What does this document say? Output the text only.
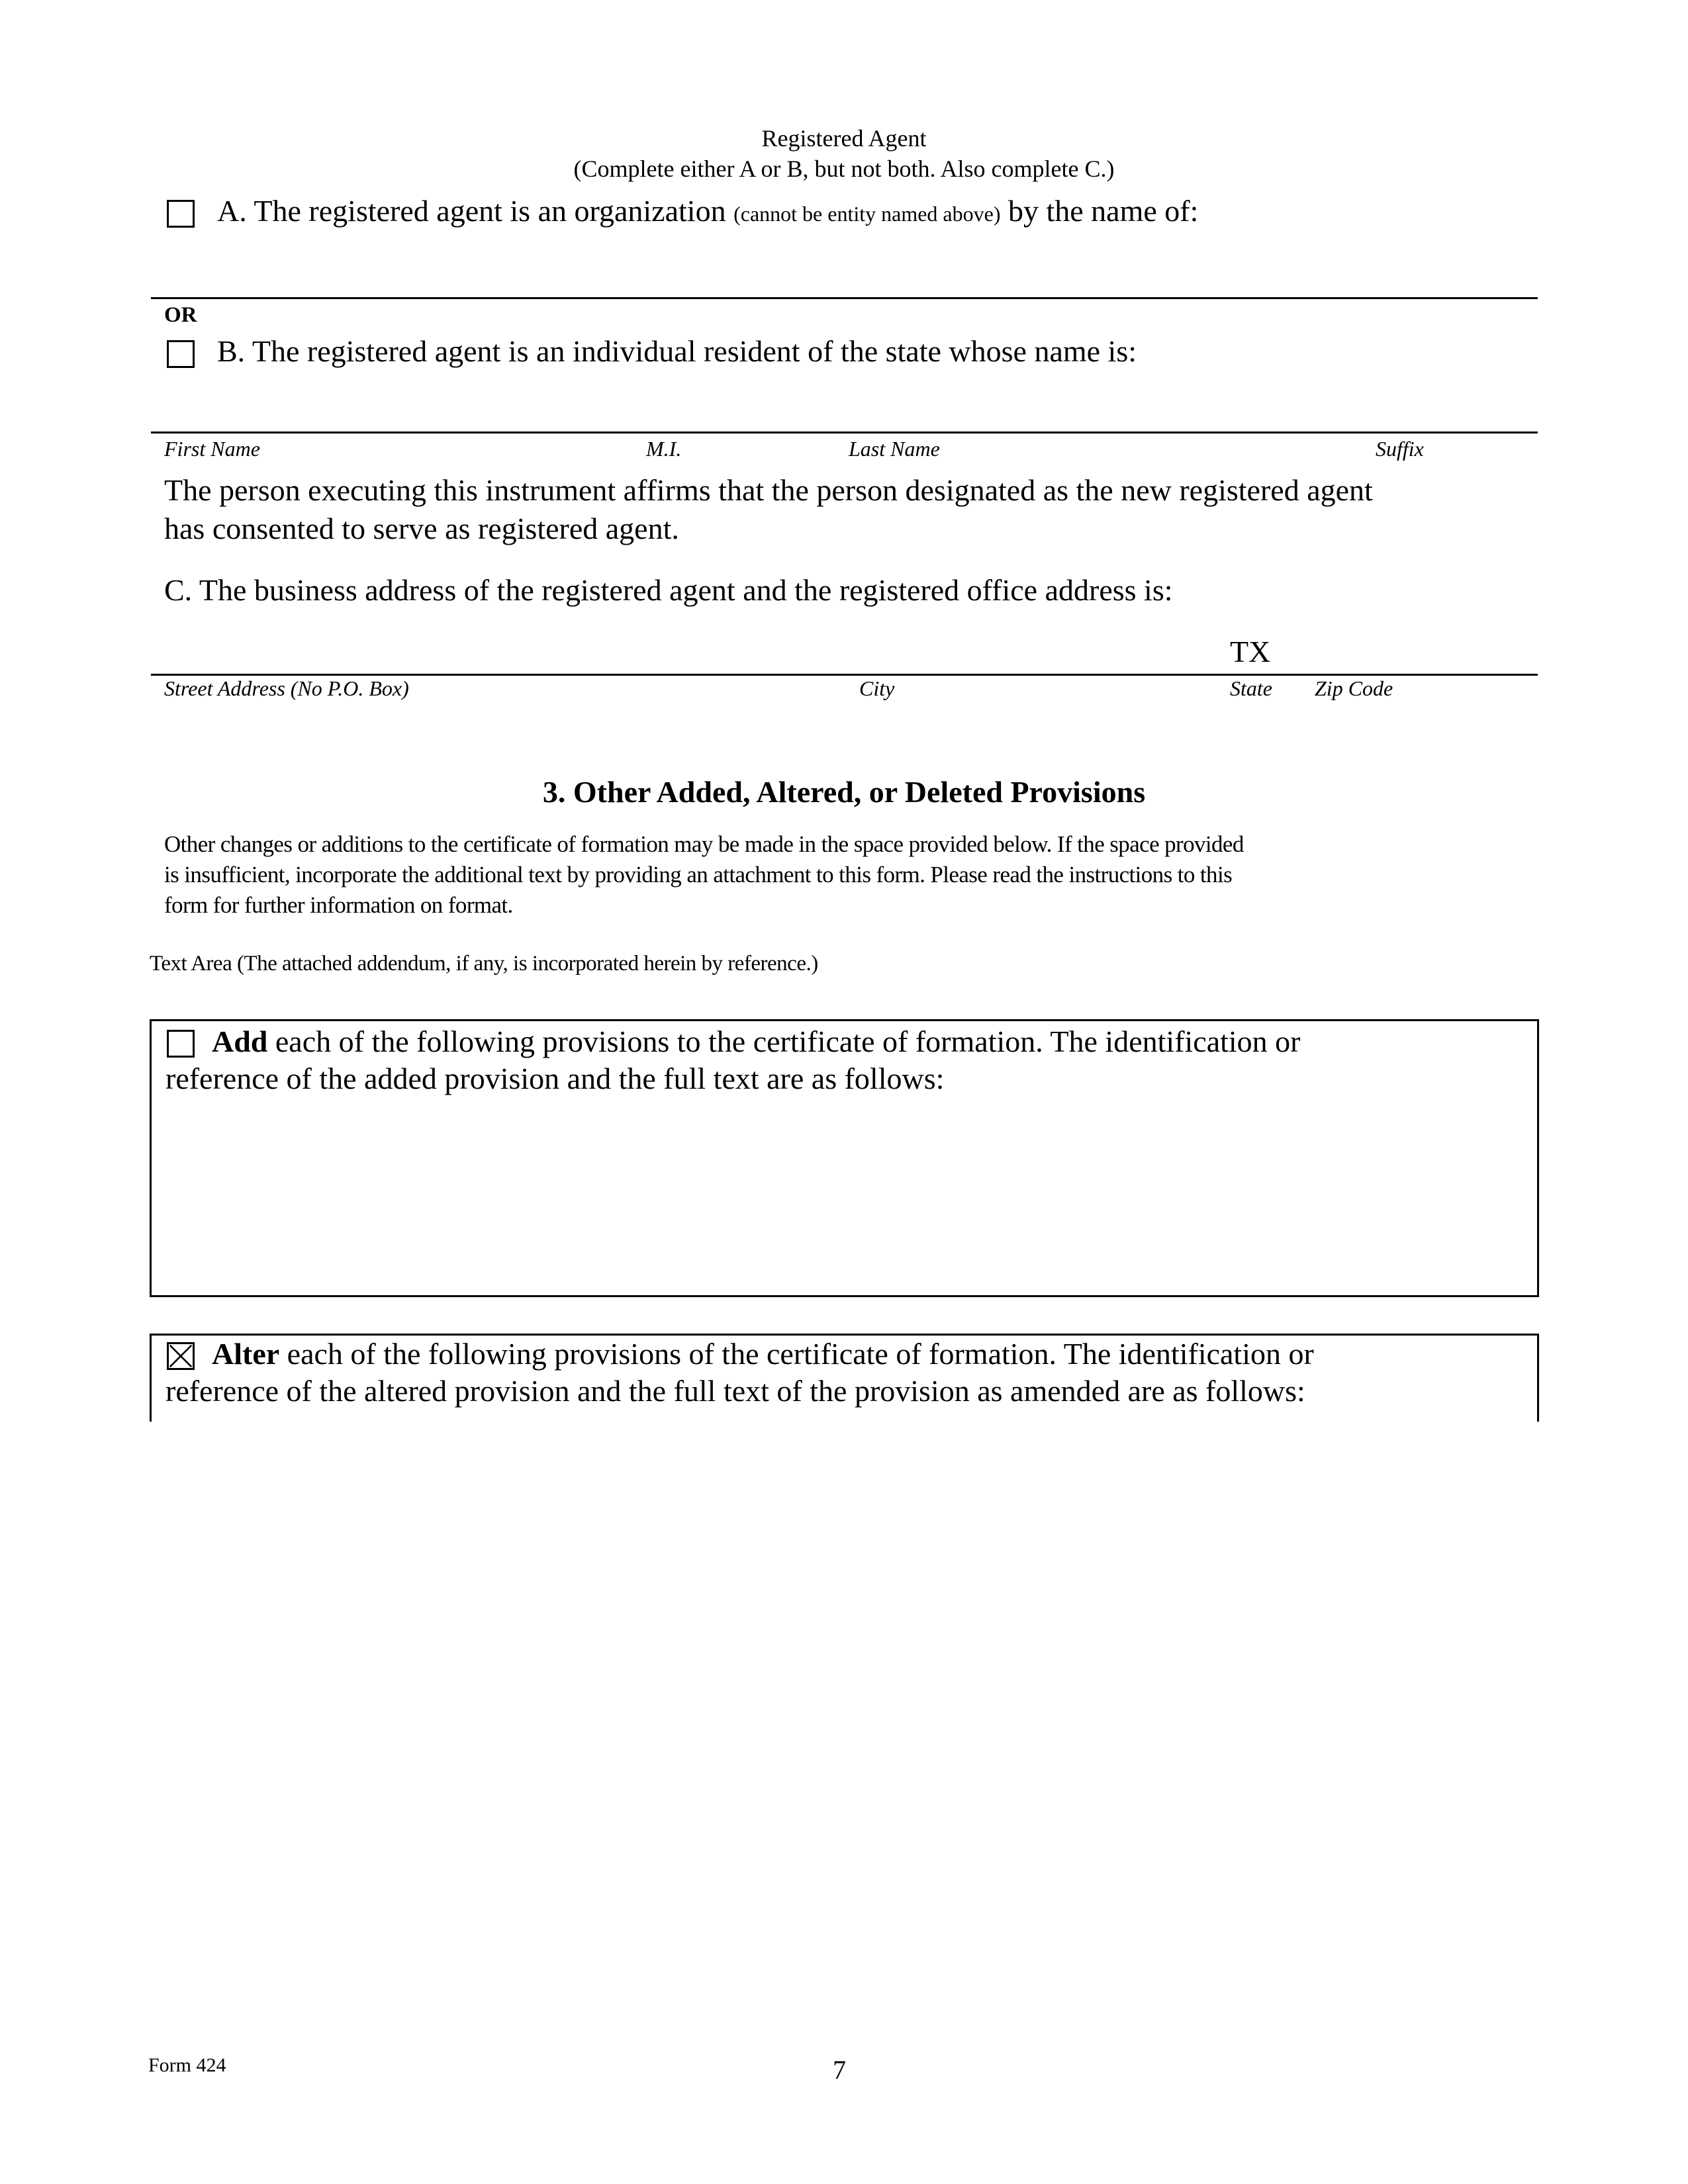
Registered Agent
(Complete either A or B, but not both. Also complete C.)
A. The registered agent is an organization (cannot be entity named above) by the name of:
OR
B. The registered agent is an individual resident of the state whose name is:
First Name	M.I.	Last Name	Suffix
The person executing this instrument affirms that the person designated as the new registered agent
has consented to serve as registered agent.
C. The business address of the registered agent and the registered office address is:
TX
Street Address (No P.O. Box)	City	State Zip Code
3. Other Added, Altered, or Deleted Provisions
Other changes or additions to the certificate of formation may be made in the space provided below. If the space provided
is insufficient, incorporate the additional text by providing an attachment to this form. Please read the instructions to this
form for further information on format.
Text Area (The attached addendum, if any, is incorporated herein by reference.)
Add each of the following provisions to the certificate of formation. The identification or
reference of the added provision and the full text are as follows:
Alter each of the following provisions of the certificate of formation. The identification or
reference of the altered provision and the full text of the provision as amended are as follows:
Form 424	7
